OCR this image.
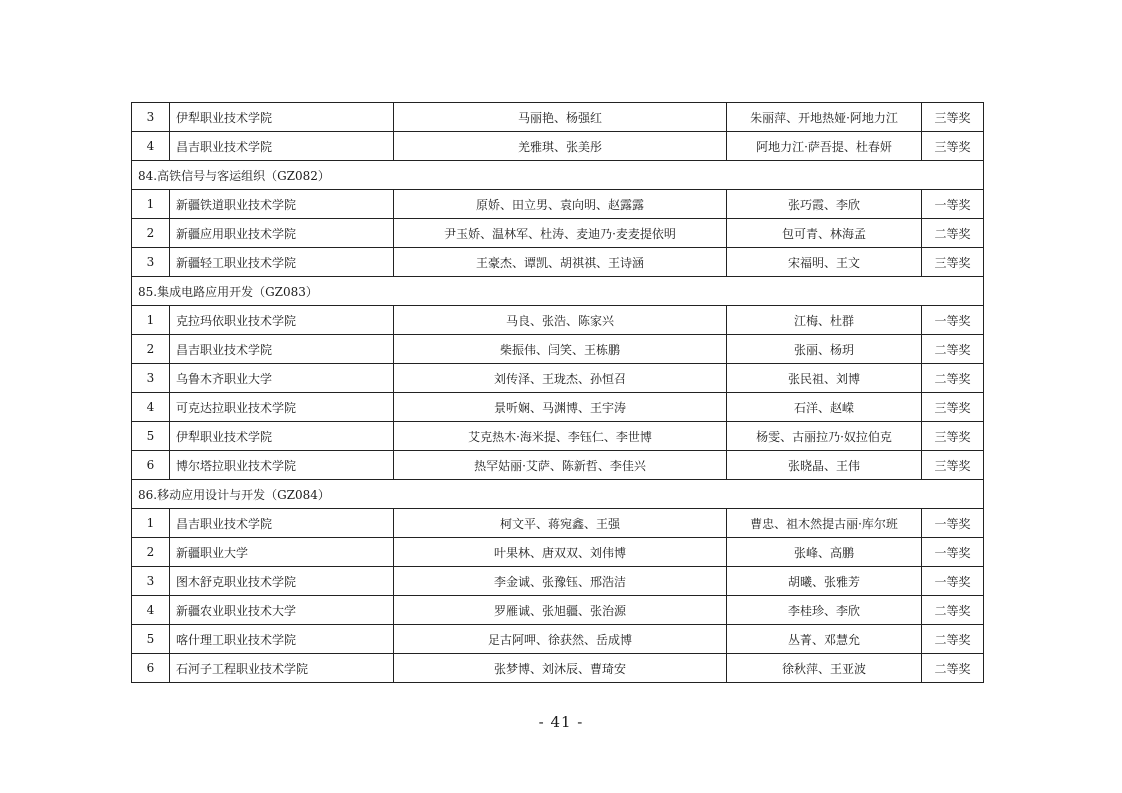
3	伊犁职业技术学院	马丽艳、杨强红	朱丽萍、开地热娅·阿地力江	三等奖
4	昌吉职业技术学院	羌雅琪、张美彤	阿地力江·萨吾提、杜春妍	三等奖
84.高铁信号与客运组织（GZ082）				
1	新疆铁道职业技术学院	原娇、田立男、袁向明、赵露露	张巧霞、李欣	一等奖
2	新疆应用职业技术学院	尹玉娇、温林军、杜涛、麦迪乃·麦麦提依明	包可青、林海孟	二等奖
3	新疆轻工职业技术学院	王豪杰、谭凯、胡祺祺、王诗涵	宋福明、王文	三等奖
85.集成电路应用开发（GZ083）				
1	克拉玛依职业技术学院	马良、张浩、陈家兴	江梅、杜群	一等奖
2	昌吉职业技术学院	柴振伟、闫笑、王栋鹏	张丽、杨玥	二等奖
3	乌鲁木齐职业大学	刘传泽、王珑杰、孙恒召	张民祖、刘博	二等奖
4	可克达拉职业技术学院	景听娴、马渊博、王宇涛	石洋、赵嵘	三等奖
5	伊犁职业技术学院	艾克热木·海米提、李钰仁、李世博	杨雯、古丽拉乃·奴拉伯克	三等奖
6	博尔塔拉职业技术学院	热罕姑丽·艾萨、陈新哲、李佳兴	张晓晶、王伟	三等奖
86.移动应用设计与开发（GZ084）				
1	昌吉职业技术学院	柯文平、蒋宛鑫、王强	曹忠、祖木然提古丽·库尔班	一等奖
2	新疆职业大学	叶果林、唐双双、刘伟博	张峰、高鹏	一等奖
3	图木舒克职业技术学院	李金诚、张豫钰、邢浩洁	胡曦、张雅芳	一等奖
4	新疆农业职业技术大学	罗雁诚、张旭疆、张治源	李桂珍、李欣	二等奖
5	喀什理工职业技术学院	足古阿呷、徐获然、岳成博	丛菁、邓慧允	二等奖
6	石河子工程职业技术学院	张梦博、刘沐辰、曹琦安	徐秋萍、王亚波	二等奖
- 41 -
